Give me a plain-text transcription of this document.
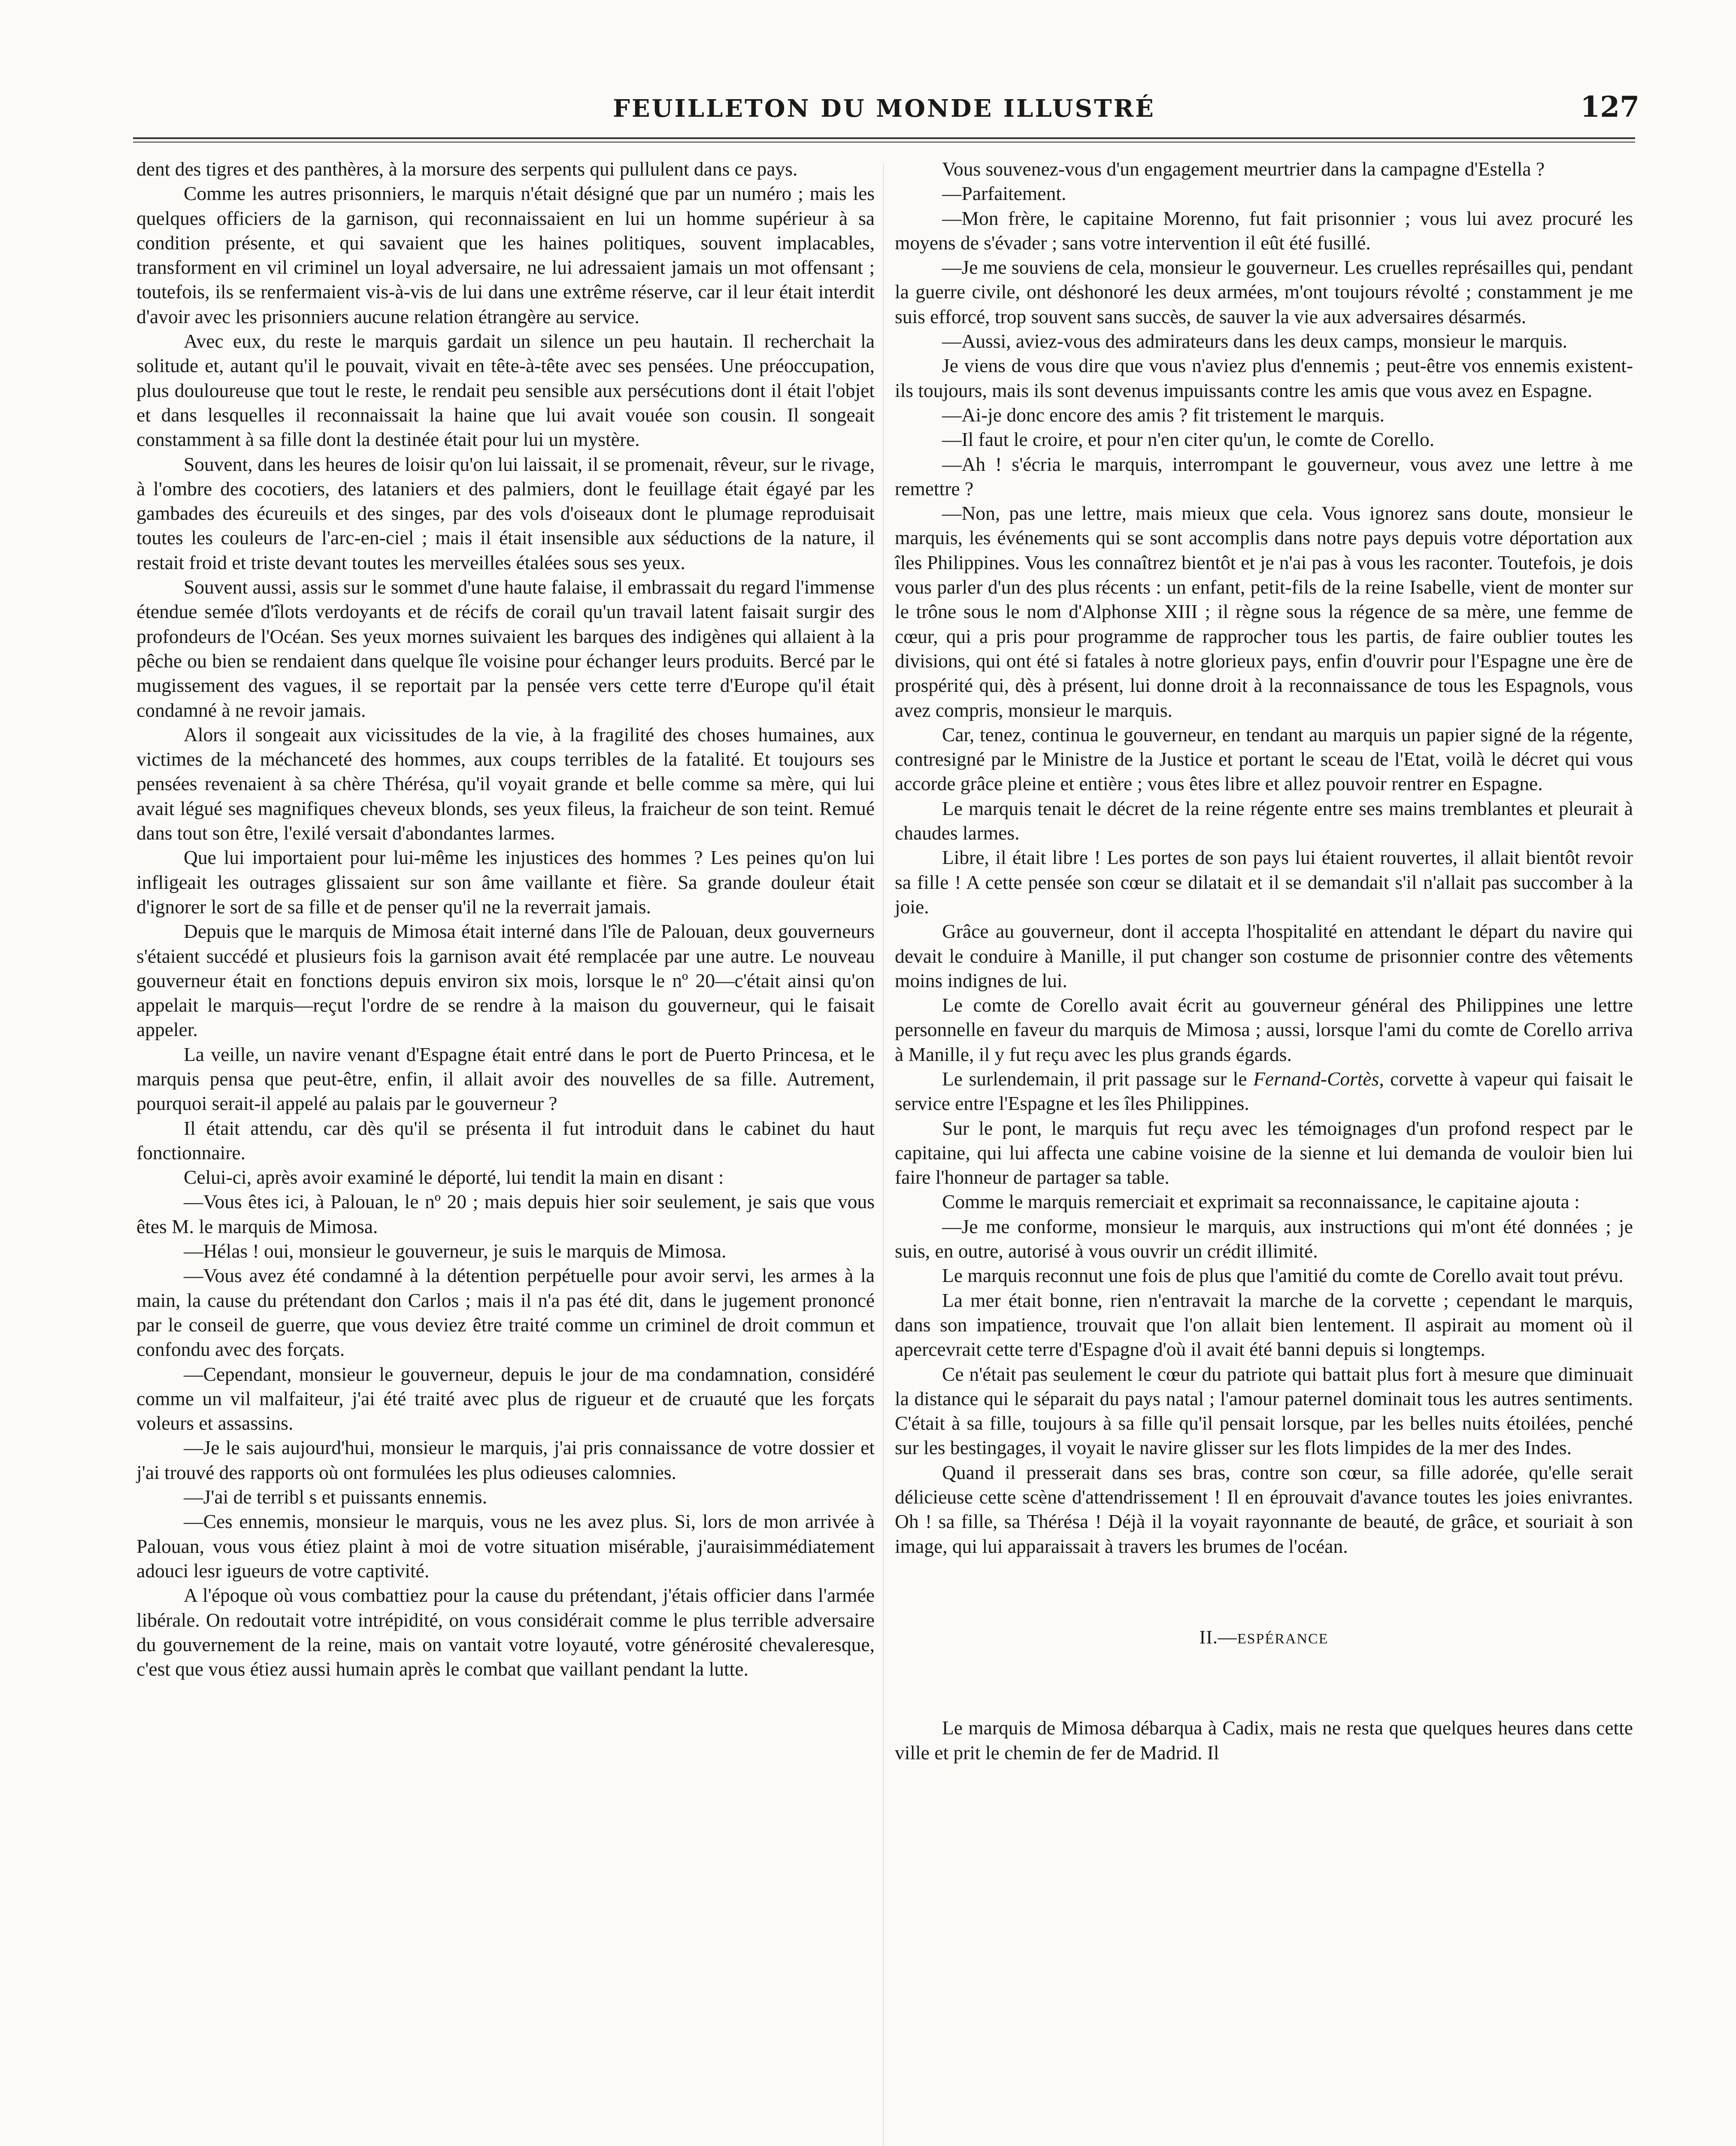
FEUILLETON DU MONDE ILLUSTRÉ	127

dent des tigres et des panthères, à la morsure des serpents qui pullulent dans ce pays.

Comme les autres prisonniers, le marquis n'était désigné que par un numéro ; mais les quelques officiers de la garnison, qui reconnaissaient en lui un homme supérieur à sa condition présente, et qui savaient que les haines politiques, souvent implacables, transforment en vil criminel un loyal adversaire, ne lui adressaient jamais un mot offensant ; toutefois, ils se renfermaient vis-à-vis de lui dans une extrême réserve, car il leur était interdit d'avoir avec les prisonniers aucune relation étrangère au service.

Avec eux, du reste le marquis gardait un silence un peu hautain. Il recherchait la solitude et, autant qu'il le pouvait, vivait en tête-à-tête avec ses pensées. Une préoccupation, plus douloureuse que tout le reste, le rendait peu sensible aux persécutions dont il était l'objet et dans lesquelles il reconnaissait la haine que lui avait vouée son cousin. Il songeait constamment à sa fille dont la destinée était pour lui un mystère.

Souvent, dans les heures de loisir qu'on lui laissait, il se promenait, rêveur, sur le rivage, à l'ombre des cocotiers, des lataniers et des palmiers, dont le feuillage était égayé par les gambades des écureuils et des singes, par des vols d'oiseaux dont le plumage reproduisait toutes les couleurs de l'arc-en-ciel ; mais il était insensible aux séductions de la nature, il restait froid et triste devant toutes les merveilles étalées sous ses yeux.

Souvent aussi, assis sur le sommet d'une haute falaise, il embrassait du regard l'immense étendue semée d'îlots verdoyants et de récifs de corail qu'un travail latent faisait surgir des profondeurs de l'Océan. Ses yeux mornes suivaient les barques des indigènes qui allaient à la pêche ou bien se rendaient dans quelque île voisine pour échanger leurs produits. Bercé par le mugissement des vagues, il se reportait par la pensée vers cette terre d'Europe qu'il était condamné à ne revoir jamais.

Alors il songeait aux vicissitudes de la vie, à la fragilité des choses humaines, aux victimes de la méchanceté des hommes, aux coups terribles de la fatalité. Et toujours ses pensées revenaient à sa chère Thérésa, qu'il voyait grande et belle comme sa mère, qui lui avait légué ses magnifiques cheveux blonds, ses yeux fileus, la fraicheur de son teint. Remué dans tout son être, l'exilé versait d'abondantes larmes.

Que lui importaient pour lui-même les injustices des hommes ? Les peines qu'on lui infligeait les outrages glissaient sur son âme vaillante et fière. Sa grande douleur était d'ignorer le sort de sa fille et de penser qu'il ne la reverrait jamais.

Depuis que le marquis de Mimosa était interné dans l'île de Palouan, deux gouverneurs s'étaient succédé et plusieurs fois la garnison avait été remplacée par une autre. Le nouveau gouverneur était en fonctions depuis environ six mois, lorsque le nº 20—c'était ainsi qu'on appelait le marquis—reçut l'ordre de se rendre à la maison du gouverneur, qui le faisait appeler.

La veille, un navire venant d'Espagne était entré dans le port de Puerto Princesa, et le marquis pensa que peut-être, enfin, il allait avoir des nouvelles de sa fille. Autrement, pourquoi serait-il appelé au palais par le gouverneur ?

Il était attendu, car dès qu'il se présenta il fut introduit dans le cabinet du haut fonctionnaire.

Celui-ci, après avoir examiné le déporté, lui tendit la main en disant :

—Vous êtes ici, à Palouan, le nº 20 ; mais depuis hier soir seulement, je sais que vous êtes M. le marquis de Mimosa.

—Hélas ! oui, monsieur le gouverneur, je suis le marquis de Mimosa.

—Vous avez été condamné à la détention perpétuelle pour avoir servi, les armes à la main, la cause du prétendant don Carlos ; mais il n'a pas été dit, dans le jugement prononcé par le conseil de guerre, que vous deviez être traité comme un criminel de droit commun et confondu avec des forçats.

—Cependant, monsieur le gouverneur, depuis le jour de ma condamnation, considéré comme un vil malfaiteur, j'ai été traité avec plus de rigueur et de cruauté que les forçats voleurs et assassins.

—Je le sais aujourd'hui, monsieur le marquis, j'ai pris connaissance de votre dossier et j'ai trouvé des rapports où ont formulées les plus odieuses calomnies.

—J'ai de terribl s et puissants ennemis.

—Ces ennemis, monsieur le marquis, vous ne les avez plus. Si, lors de mon arrivée à Palouan, vous vous étiez plaint à moi de votre situation misérable, j'auraisimmédiatement adouci lesr igueurs de votre captivité.

A l'époque où vous combattiez pour la cause du prétendant, j'étais officier dans l'armée libérale. On redoutait votre intrépidité, on vous considérait comme le plus terrible adversaire du gouvernement de la reine, mais on vantait votre loyauté, votre générosité chevaleresque, c'est que vous étiez aussi humain après le combat que vaillant pendant la lutte.

Vous souvenez-vous d'un engagement meurtrier dans la campagne d'Estella ?

—Parfaitement.

—Mon frère, le capitaine Morenno, fut fait prisonnier ; vous lui avez procuré les moyens de s'évader ; sans votre intervention il eût été fusillé.

—Je me souviens de cela, monsieur le gouverneur. Les cruelles représailles qui, pendant la guerre civile, ont déshonoré les deux armées, m'ont toujours révolté ; constamment je me suis efforcé, trop souvent sans succès, de sauver la vie aux adversaires désarmés.

—Aussi, aviez-vous des admirateurs dans les deux camps, monsieur le marquis.

Je viens de vous dire que vous n'aviez plus d'ennemis ; peut-être vos ennemis existent-ils toujours, mais ils sont devenus impuissants contre les amis que vous avez en Espagne.

—Ai-je donc encore des amis ? fit tristement le marquis.

—Il faut le croire, et pour n'en citer qu'un, le comte de Corello.

—Ah ! s'écria le marquis, interrompant le gouverneur, vous avez une lettre à me remettre ?

—Non, pas une lettre, mais mieux que cela. Vous ignorez sans doute, monsieur le marquis, les événements qui se sont accomplis dans notre pays depuis votre déportation aux îles Philippines. Vous les connaîtrez bientôt et je n'ai pas à vous les raconter. Toutefois, je dois vous parler d'un des plus récents : un enfant, petit-fils de la reine Isabelle, vient de monter sur le trône sous le nom d'Alphonse XIII ; il règne sous la régence de sa mère, une femme de cœur, qui a pris pour programme de rapprocher tous les partis, de faire oublier toutes les divisions, qui ont été si fatales à notre glorieux pays, enfin d'ouvrir pour l'Espagne une ère de prospérité qui, dès à présent, lui donne droit à la reconnaissance de tous les Espagnols, vous avez compris, monsieur le marquis.

Car, tenez, continua le gouverneur, en tendant au marquis un papier signé de la régente, contresigné par le Ministre de la Justice et portant le sceau de l'Etat, voilà le décret qui vous accorde grâce pleine et entière ; vous êtes libre et allez pouvoir rentrer en Espagne.

Le marquis tenait le décret de la reine régente entre ses mains tremblantes et pleurait à chaudes larmes.

Libre, il était libre ! Les portes de son pays lui étaient rouvertes, il allait bientôt revoir sa fille ! A cette pensée son cœur se dilatait et il se demandait s'il n'allait pas succomber à la joie.

Grâce au gouverneur, dont il accepta l'hospitalité en attendant le départ du navire qui devait le conduire à Manille, il put changer son costume de prisonnier contre des vêtements moins indignes de lui.

Le comte de Corello avait écrit au gouverneur général des Philippines une lettre personnelle en faveur du marquis de Mimosa ; aussi, lorsque l'ami du comte de Corello arriva à Manille, il y fut reçu avec les plus grands égards.

Le surlendemain, il prit passage sur le Fernand-Cortès, corvette à vapeur qui faisait le service entre l'Espagne et les îles Philippines.

Sur le pont, le marquis fut reçu avec les témoignages d'un profond respect par le capitaine, qui lui affecta une cabine voisine de la sienne et lui demanda de vouloir bien lui faire l'honneur de partager sa table.

Comme le marquis remerciait et exprimait sa reconnaissance, le capitaine ajouta :

—Je me conforme, monsieur le marquis, aux instructions qui m'ont été données ; je suis, en outre, autorisé à vous ouvrir un crédit illimité.

Le marquis reconnut une fois de plus que l'amitié du comte de Corello avait tout prévu.

La mer était bonne, rien n'entravait la marche de la corvette ; cependant le marquis, dans son impatience, trouvait que l'on allait bien lentement. Il aspirait au moment où il apercevrait cette terre d'Espagne d'où il avait été banni depuis si longtemps.

Ce n'était pas seulement le cœur du patriote qui battait plus fort à mesure que diminuait la distance qui le séparait du pays natal ; l'amour paternel dominait tous les autres sentiments. C'était à sa fille, toujours à sa fille qu'il pensait lorsque, par les belles nuits étoilées, penché sur les bestingages, il voyait le navire glisser sur les flots limpides de la mer des Indes.

Quand il presserait dans ses bras, contre son cœur, sa fille adorée, qu'elle serait délicieuse cette scène d'attendrissement ! Il en éprouvait d'avance toutes les joies enivrantes. Oh ! sa fille, sa Thérésa ! Déjà il la voyait rayonnante de beauté, de grâce, et souriait à son image, qui lui apparaissait à travers les brumes de l'océan.

II.—ESPÉRANCE

Le marquis de Mimosa débarqua à Cadix, mais ne resta que quelques heures dans cette ville et prit le chemin de fer de Madrid. Il
